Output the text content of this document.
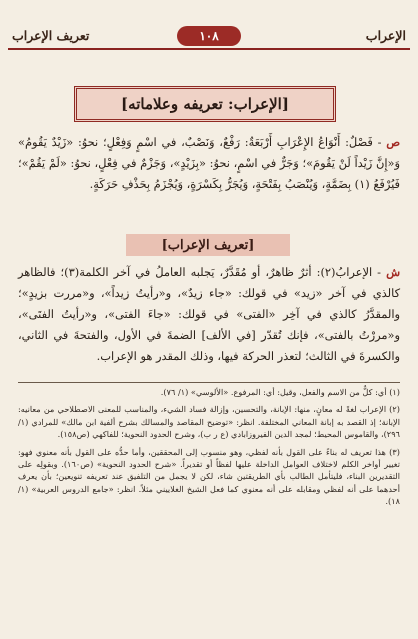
تعريف الإعراب	١٠٨	الإعراب
[الإعراب: تعريفه وعلاماته]
ص - فَصْلٌ: أَنْوَاعُ الإِعْرَابِ أَرْبَعَةٌ: رَفْعٌ، وَنَصْبٌ، في اسْمٍ وَفِعْلٍ؛ نحوُ: «زَيْدٌ يَقُومُ» وَ«إِنَّ زَيْداً لَنْ يَقُومَ»؛ وَجَرٌّ في اسْمٍ، نحوُ: «بِزَيْدٍ»، وَجَزْمٌ في فِعْلٍ، نحوُ: «لَمْ يَقُمْ»؛ فَيُرْفَعُ (١) بِضَمَّةٍ، وَيُنْصَبُ بِفَتْحَةٍ، وَيُجَرُّ بِكَسْرَةٍ، وَيُجْزَمُ بِحَذْفِ حَرَكَةٍ.
[تعريف الإعراب]
ش - الإعرابُ(٢): أثرٌ ظاهرٌ، أو مُقَدَّرٌ، يَجلبه العاملُ في آخر الكلمة(٣)؛ فالظاهر كالذي في آخر «زيد» في قولك: «جاء زيدٌ»، و«رأيتُ زيداً»، و«مررت بزيدٍ»؛ والمقدَّرُ كالذي في آخِر «الفتى» في قولك: «جاءَ الفتى»، و«رأيتُ الفتَى»، و«مررْتُ بالفتى»، فإنك تُقدّر [في الألف] الضمةَ في الأول، والفتحةَ في الثاني، والكسرةَ في الثالث؛ لتعذر الحركة فيها، وذلك المقدر هو الإعراب.

(١) أي: كلٌّ من الاسم والفعل، وقيل: أي: المرفوع. «الألوسي» (١/ ٧٦).

(٢) الإعراب لغةً له معانٍ، منها: الإبانة، والتحسين، وإزالة فساد الشيء، والمناسب للمعنى الاصطلاحي من معانيه: الإبانة؛ إذ القصد به إبانة المعاني المختلفة. انظر: «توضيح المقاصد والمسالك بشرح ألفية ابن مالك» للمرادي (١/ ٢٩٦)، والقاموس المحيط؛ لمجد الدين الفيروزابادي (ع ر ب)، وشرح الحدود النحوية؛ للفاكهي (ص١٥٨).

(٣) هذا تعريف له بناءً على القول بأنه لفظي، وهو منسوب إلى المحققين، وأما حدُّه على القول بأنه معنوي فهو: تغيير أواخر الكلم لاختلاف العوامل الداخلة عليها لفظاً أو تقديراً. «شرح الحدود النحوية» (ص١٦٠). وبقولِه على التقديرين البناء، فليتأمل الطالب بأي الطريقتين شاء، لكن لا يجمل من التلفيق عند تعريفه تنويعين؛ بأن يعرف أحدهما على أنه لفظي ومقابله على أنه معنوي كما فعل الشيخ الغلاييني مثلاً. انظر: «جامع الدروس العربية» (١/ ١٨).
